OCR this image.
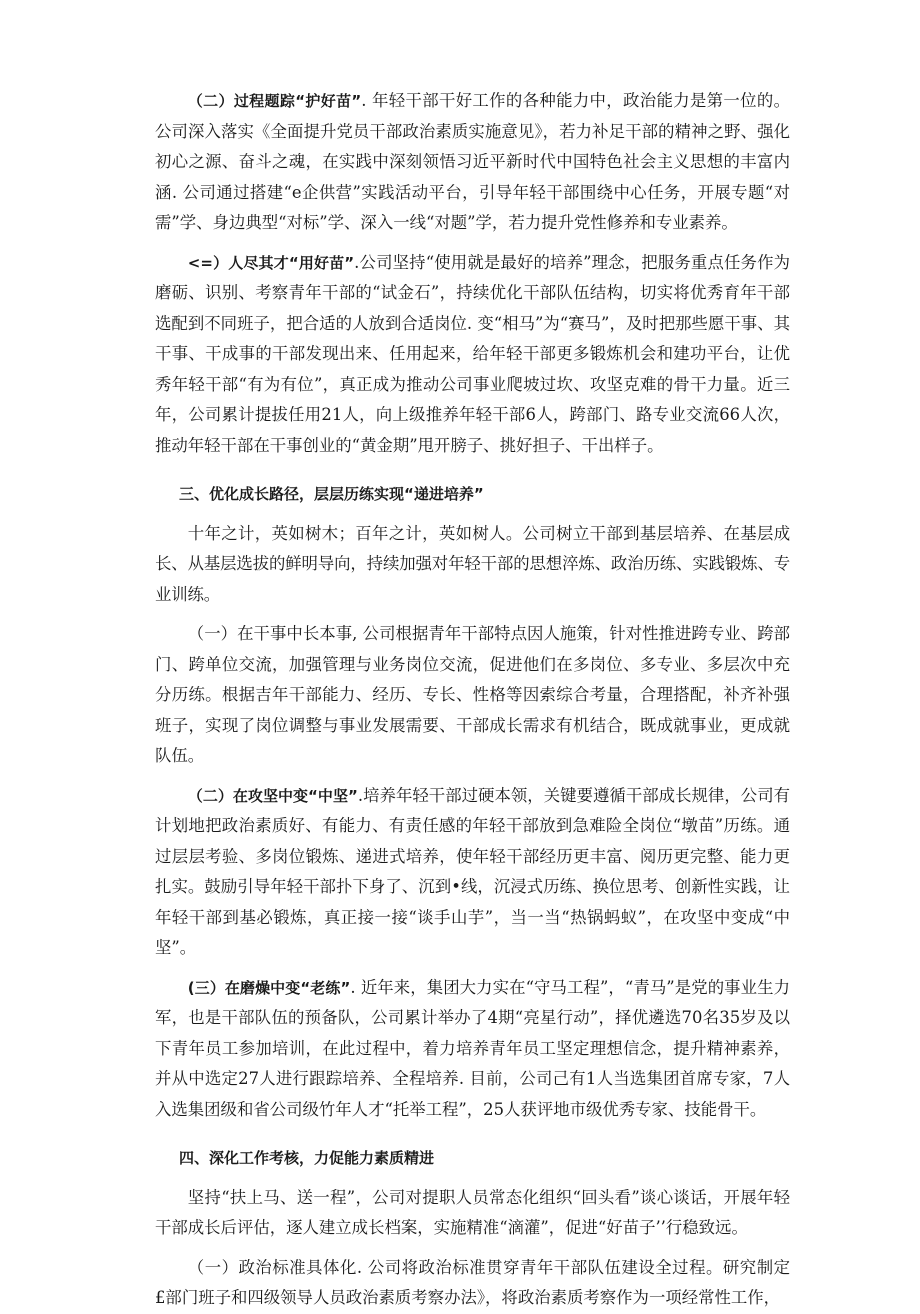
（二）过程题踪“护好苗”. 年轻干部干好工作的各种能力中，政治能力是第一位的。公司深入落实《全面提升党员干部政治素质实施意见》，若力补足干部的精神之野、强化初心之源、奋斗之魂，在实践中深刻领悟习近平新时代中国特色社会主义思想的丰富内涵. 公司通过搭建“e企供营”实践活动平台，引导年轻干部围绕中心任务，开展专题“对需”学、身边典型“对标”学、深入一线“对题”学，若力提升党性修养和专业素养。

<=）人尽其才“用好苗”.公司坚持“使用就是最好的培养”理念，把服务重点任务作为磨砺、识别、考察青年干部的“试金石”，持续优化干部队伍结构，切实将优秀育年干部选配到不同班子，把合适的人放到合适岗位. 变“相马”为“赛马”，及时把那些愿干事、其干事、干成事的干部发现出来、任用起来，给年轻干部更多锻炼机会和建功平台，让优秀年轻干部“有为有位”，真正成为推动公司事业爬坡过坎、攻坚克难的骨干力量。近三年，公司累计提拔任用21人，向上级推养年轻干部6人，跨部门、路专业交流66人次，推动年轻干部在干事创业的“黄金期”甩开膀子、挑好担子、干出样子。

三、优化成长路径，层层历练实现“递进培养”

十年之计，英如树木；百年之计，英如树人。公司树立干部到基层培养、在基层成长、从基层选拔的鲜明导向，持续加强对年轻干部的思想淬炼、政治历练、实践锻炼、专业训练。

（一）在干事中长本事, 公司根据青年干部特点因人施策，针对性推进跨专业、跨部门、跨单位交流，加强管理与业务岗位交流，促进他们在多岗位、多专业、多层次中充分历练。根据吉年干部能力、经历、专长、性格等因索综合考量，合理搭配，补齐补强班子，实现了岗位调整与事业发展需要、干部成长需求有机结合，既成就事业，更成就队伍。

（二）在攻坚中变“中坚”.培养年轻干部过硬本领，关键要遵循干部成长规律，公司有计划地把政治素质好、有能力、有责任感的年轻干部放到急难险全岗位“墩苗”历练。通过层层考验、多岗位锻炼、递进式培养，使年轻干部经历更丰富、阅历更完整、能力更扎实。鼓励引导年轻干部扑下身了、沉到•线，沉浸式历练、换位思考、创新性实践，让年轻干部到基必锻炼，真正接一接“谈手山芋”，当一当“热锅蚂蚁”，在攻坚中变成“中坚”。

(三）在磨燥中变“老练”. 近年来，集团大力实在“守马工程”，“青马”是党的事业生力军，也是干部队伍的预备队，公司累计举办了4期“亮星行动”，择优遴选70名35岁及以下青年员工参加培训，在此过程中，着力培养青年员工坚定理想信念，提升精神素养，并从中选定27人进行跟踪培养、全程培养. 目前，公司己有1人当选集团首席专家，7人入选集团级和省公司级竹年人才“托举工程”，25人获评地市级优秀专家、技能骨干。

四、深化工作考核，力促能力素质精进

坚持“扶上马、送一程”，公司对提职人员常态化组织“回头看”谈心谈话，开展年轻干部成长后评估，逐人建立成长档案，实施精准“滴灌”，促进“好苗子’’行稳致远。

（一）政治标准具体化. 公司将政治标准贯穿青年干部队伍建设全过程。研究制定£部门班子和四级领导人员政治素质考察办法》，将政治素质考察作为一项经常性工作，
